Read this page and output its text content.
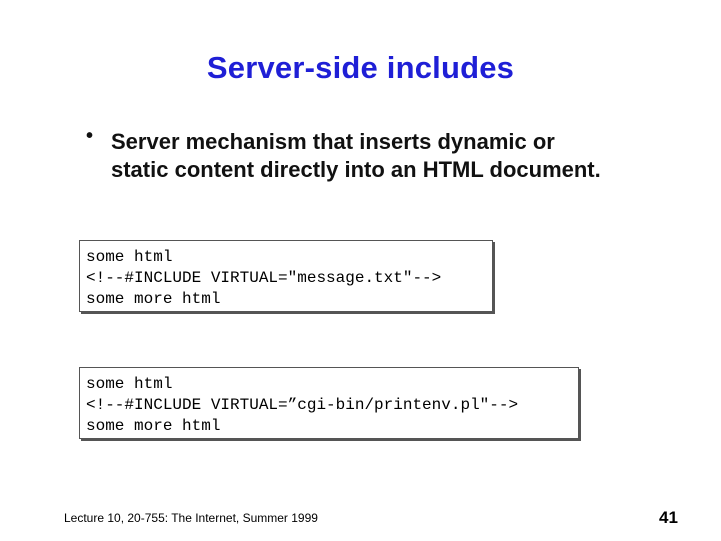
Server-side includes
• Server mechanism that inserts dynamic or
static content directly into an HTML document.
some html
<!--#INCLUDE VIRTUAL="message.txt"-->
some more html
some html
<!--#INCLUDE VIRTUAL=”cgi-bin/printenv.pl"-->
some more html
Lecture 10, 20-755: The Internet, Summer 1999	41
